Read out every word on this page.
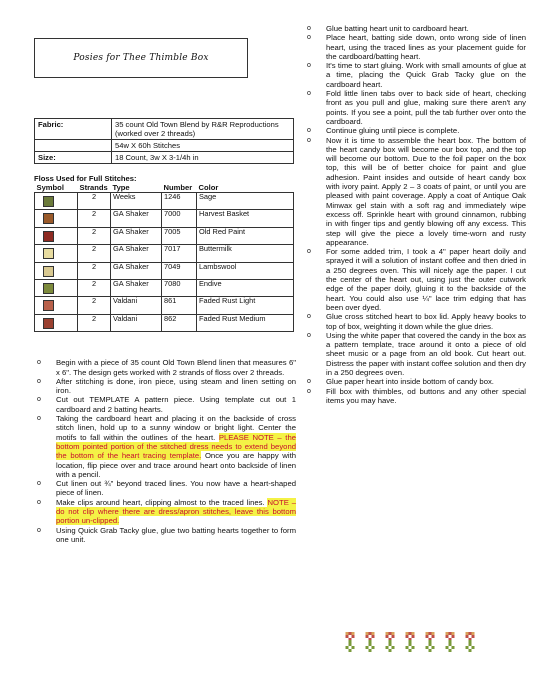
Posies for Thee Thimble Box
Fabric:	35 count Old Town Blend by R&R Reproductions (worked over 2 threads)
	54w X 60h Stitches
Size:	18 Count, 3w X 3-1/4h in
Floss Used for Full Stitches:
Symbol	Strands	Type	Number	Color
	2	Weeks	1246	Sage
	2	GA Shaker	7000	Harvest Basket
	2	GA Shaker	7005	Old Red Paint
	2	GA Shaker	7017	Buttermilk
	2	GA Shaker	7049	Lambswool
	2	GA Shaker	7080	Endive
	2	Valdani	861	Faded Rust Light
	2	Valdani	862	Faded Rust Medium
o Begin with a piece of 35 count Old Town Blend linen that measures 6" x 6". The design gets worked with 2 strands of floss over 2 threads.
o After stitching is done, iron piece, using steam and linen setting on iron.
o Cut out TEMPLATE A pattern piece. Using template cut out 1 cardboard and 2 batting hearts.
o Taking the cardboard heart and placing it on the backside of cross stitch linen, hold up to a sunny window or bright light. Center the motifs to fall within the outlines of the heart. PLEASE NOTE – the bottom pointed portion of the stitched dress needs to extend beyond the bottom of the heart tracing template. Once you are happy with location, flip piece over and trace around heart onto backside of linen with a pencil.
o Cut linen out ¾" beyond traced lines. You now have a heart-shaped piece of linen.
o Make clips around heart, clipping almost to the traced lines. NOTE – do not clip where there are dress/apron stitches, leave this bottom portion un-clipped.
o Using Quick Grab Tacky glue, glue two batting hearts together to form one unit.
o Glue batting heart unit to cardboard heart.
o Place heart, batting side down, onto wrong side of linen heart, using the traced lines as your placement guide for the cardboard/batting heart.
o It's time to start gluing. Work with small amounts of glue at a time, placing the Quick Grab Tacky glue on the cardboard heart.
o Fold little linen tabs over to back side of heart, checking front as you pull and glue, making sure there aren't any points. If you see a point, pull the tab further over onto the cardboard.
o Continue gluing until piece is complete.
o Now it is time to assemble the heart box. The bottom of the heart candy box will become our box top, and the top will become our bottom. Due to the foil paper on the box top, this will be of better choice for paint and glue adhesion. Paint insides and outside of heart candy box with ivory paint. Apply 2 – 3 coats of paint, or until you are pleased with paint coverage. Apply a coat of Antique Oak Minwax gel stain with a soft rag and immediately wipe excess off. Sprinkle heart with ground cinnamon, rubbing in with finger tips and gently blowing off any excess. This step will give the piece a lovely time-worn and rusty appearance.
o For some added trim, I took a 4" paper heart doily and sprayed it will a solution of instant coffee and then dried in a 250 degrees oven. This will nicely age the paper. I cut the center of the heart out, using just the outer cutwork edge of the paper doily, gluing it to the backside of the heart. You could also use ¼" lace trim edging that has been over dyed.
o Glue cross stitched heart to box lid. Apply heavy books to top of box, weighting it down while the glue dries.
o Using the white paper that covered the candy in the box as a pattern template, trace around it onto a piece of old sheet music or a page from an old book. Cut heart out. Distress the paper with instant coffee solution and then dry in a 250 degrees oven.
o Glue paper heart into inside bottom of candy box.
o Fill box with thimbles, od buttons and any other special items you may have.
